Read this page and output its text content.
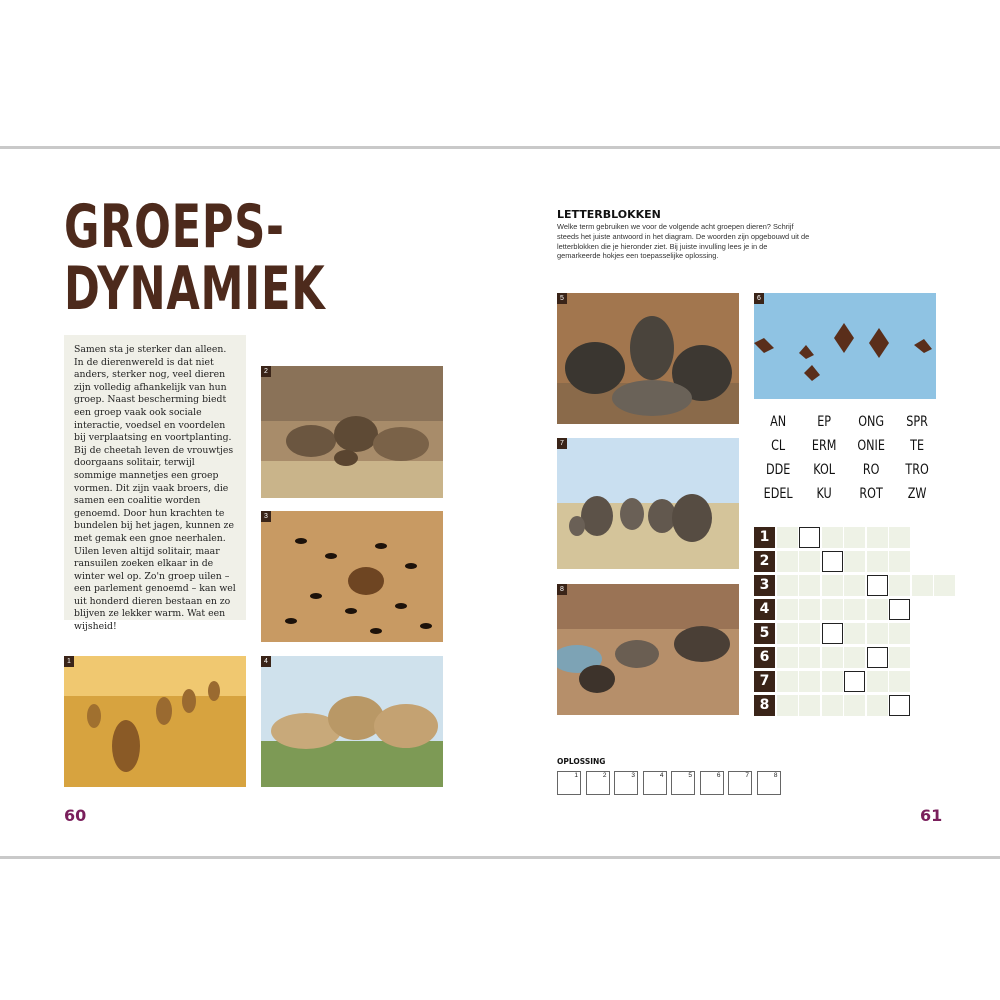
GROEPS-
DYNAMIEK
Samen sta je sterker dan alleen. In de dierenwereld is dat niet anders, sterker nog, veel dieren zijn volledig afhankelijk van hun groep. Naast bescherming biedt een groep vaak ook sociale interactie, voedsel en voordelen bij verplaatsing en voortplanting. Bij de cheetah leven de vrouwtjes doorgaans solitair, terwijl sommige mannetjes een groep vormen. Dit zijn vaak broers, die samen een coalitie worden genoemd. Door hun krachten te bundelen bij het jagen, kunnen ze met gemak een gnoe neerhalen. Uilen leven altijd solitair, maar ransuilen zoeken elkaar in de winter wel op. Zo'n groep uilen – een parlement genoemd – kan wel uit honderd dieren bestaan en zo blijven ze lekker warm. Wat een wijsheid!
2
3
1	4
60
LETTERBLOKKEN
Welke term gebruiken we voor de volgende acht groepen dieren? Schrijf steeds het juiste antwoord in het diagram. De woorden zijn opgebouwd uit de letterblokken die je hieronder ziet. Bij juiste invulling lees je in de gemarkeerde hokjes een toepasselijke oplossing.
5	6
7
8
AN	EP	ONG	SPR
CL	ERM	ONIE	TE
DDE	KOL	RO	TRO
EDEL	KU	ROT	ZW
1
2
3
4
5
6
7
8
OPLOSSING
1	2	3	4	5	6	7	8
61
